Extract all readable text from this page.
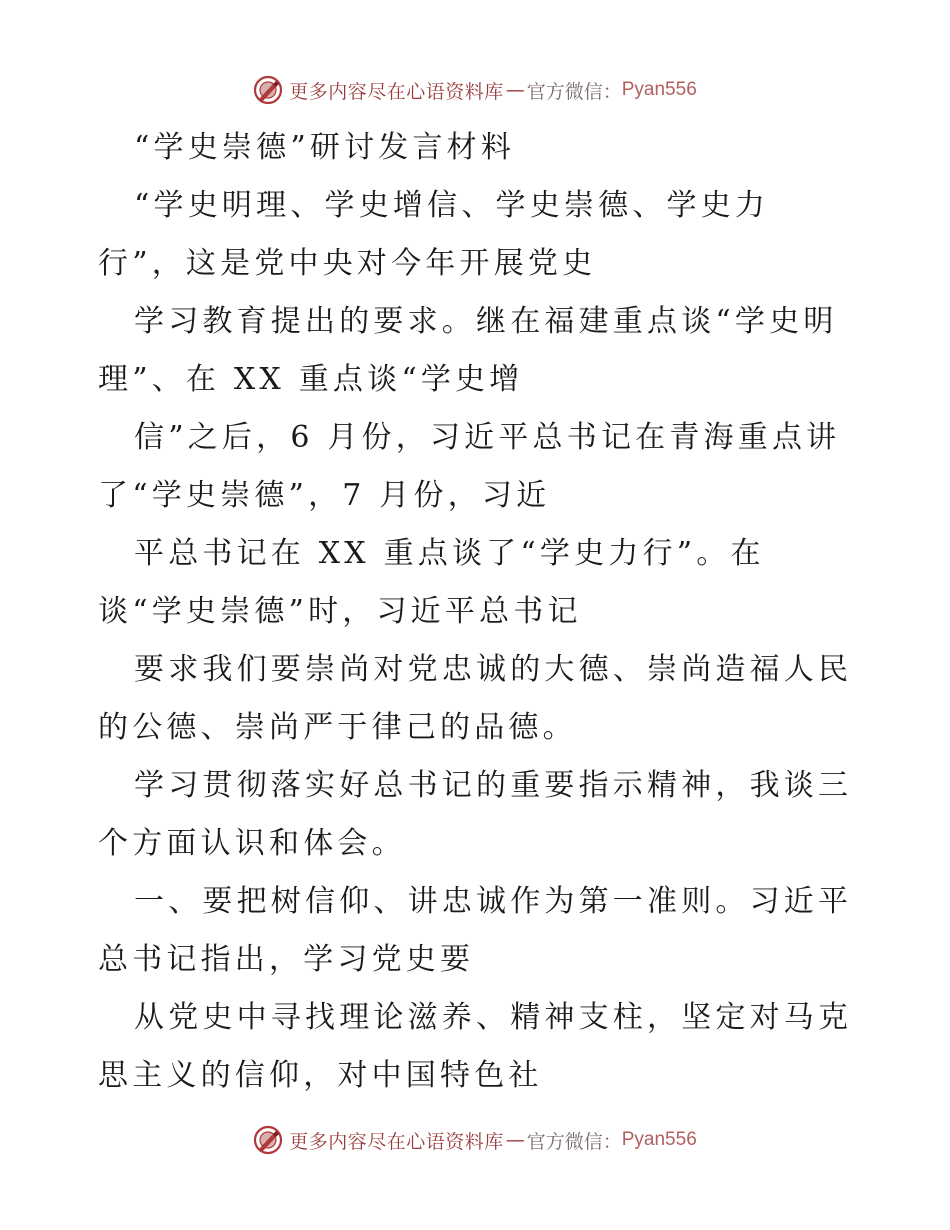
更多内容尽在心语资料库 — 官方微信： Pyan556
“学史崇德”研讨发言材料
“学史明理、学史增信、学史崇德、学史力
行”，这是党中央对今年开展党史
学习教育提出的要求。继在福建重点谈“学史明
理”、在 XX 重点谈“学史增
信”之后，6 月份，习近平总书记在青海重点讲
了“学史崇德”，7 月份，习近
平总书记在 XX 重点谈了“学史力行”。在
谈“学史崇德”时，习近平总书记
要求我们要崇尚对党忠诚的大德、崇尚造福人民
的公德、崇尚严于律己的品德。
学习贯彻落实好总书记的重要指示精神，我谈三
个方面认识和体会。
一、要把树信仰、讲忠诚作为第一准则。习近平
总书记指出，学习党史要
从党史中寻找理论滋养、精神支柱，坚定对马克
思主义的信仰，对中国特色社
更多内容尽在心语资料库 — 官方微信： Pyan556
